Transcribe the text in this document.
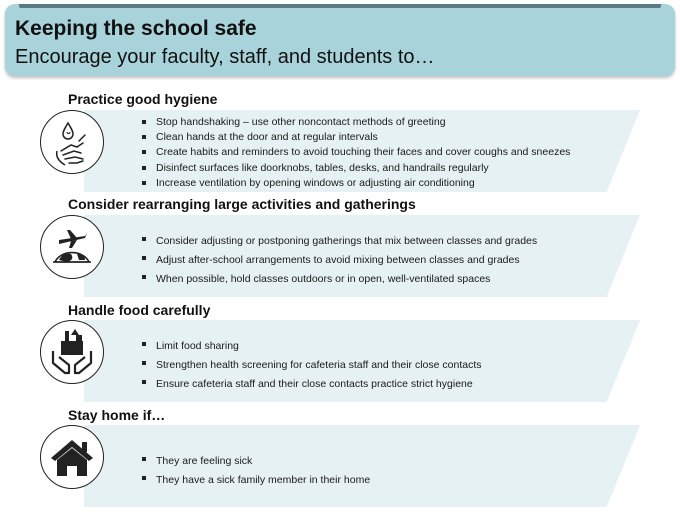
Keeping the school safe
Encourage your faculty, staff, and students to…
Practice good hygiene
Stop handshaking – use other noncontact methods of greeting
Clean hands at the door and at regular intervals
Create habits and reminders to avoid touching their faces and cover coughs and sneezes
Disinfect surfaces like doorknobs, tables, desks, and handrails regularly
Increase ventilation by opening windows or adjusting air conditioning
Consider rearranging large activities and gatherings
Consider adjusting or postponing gatherings that mix between classes and grades
Adjust after-school arrangements to avoid mixing between classes and grades
When possible, hold classes outdoors or in open, well-ventilated spaces
Handle food carefully
Limit food sharing
Strengthen health screening for cafeteria staff and their close contacts
Ensure cafeteria staff and their close contacts practice strict hygiene
Stay home if…
They are feeling sick
They have a sick family member in their home
